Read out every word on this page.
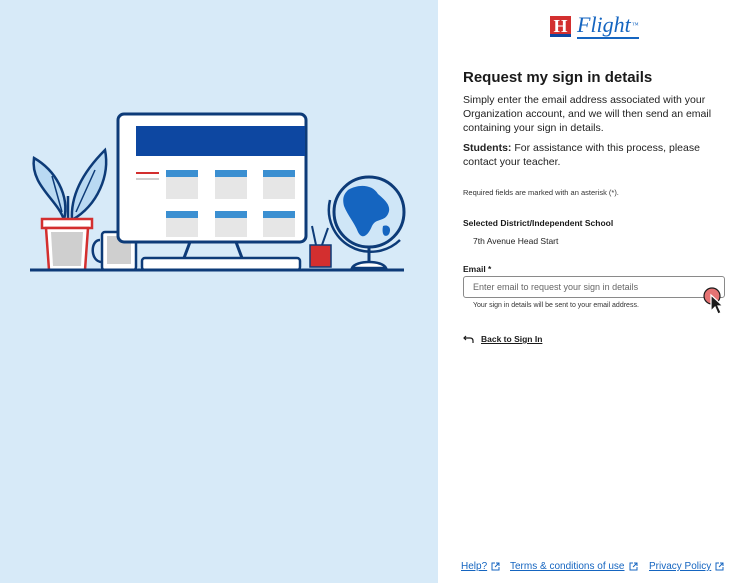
H Flight™
Request my sign in details

Simply enter the email address associated with your Organization account, and we will then send an email containing your sign in details.

Students: For assistance with this process, please contact your teacher.

Required fields are marked with an asterisk (*).
Selected District/Independent School
7th Avenue Head Start
Email *
Enter email to request your sign in details
Your sign in details will be sent to your email address.
Back to Sign In
Help? Terms & conditions of use Privacy Policy
